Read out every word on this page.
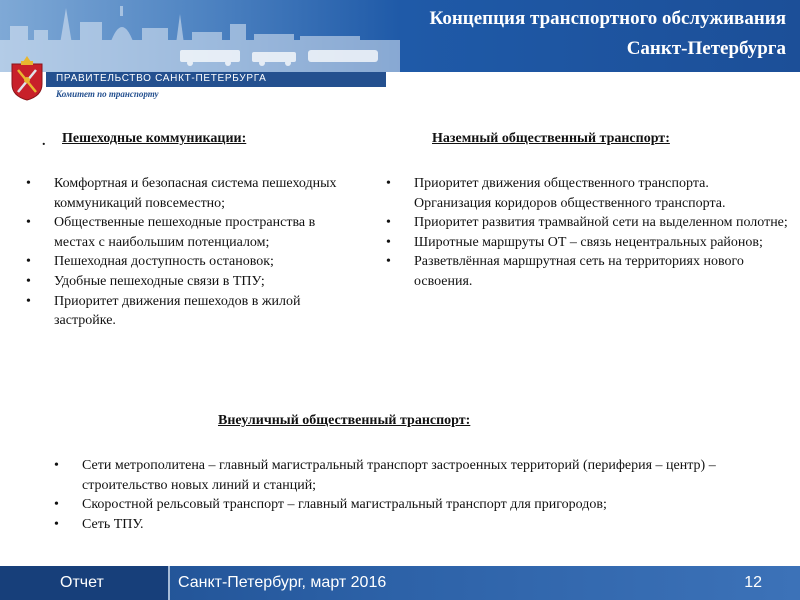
Концепция транспортного обслуживания
Санкт-Петербурга
ПРАВИТЕЛЬСТВО САНКТ-ПЕТЕРБУРГА
Комитет по транспорту
. Пешеходные коммуникации:
• Комфортная и безопасная система пешеходных коммуникаций повсеместно;
• Общественные пешеходные пространства в местах с наибольшим потенциалом;
• Пешеходная доступность остановок;
• Удобные пешеходные связи в ТПУ;
• Приоритет движения пешеходов в жилой застройке.
Наземный общественный транспорт:
• Приоритет движения общественного транспорта.
Организация коридоров общественного транспорта.
• Приоритет развития трамвайной сети на выделенном полотне;
• Широтные маршруты ОТ – связь нецентральных районов;
• Разветвлённая маршрутная сеть на территориях нового освоения.
Внеуличный общественный транспорт:
• Сети метрополитена – главный магистральный транспорт застроенных территорий (периферия – центр) – строительство новых линий и станций;
• Скоростной рельсовый транспорт – главный магистральный транспорт для пригородов;
• Сеть ТПУ.
Отчет	Санкт-Петербург, март 2016	12
